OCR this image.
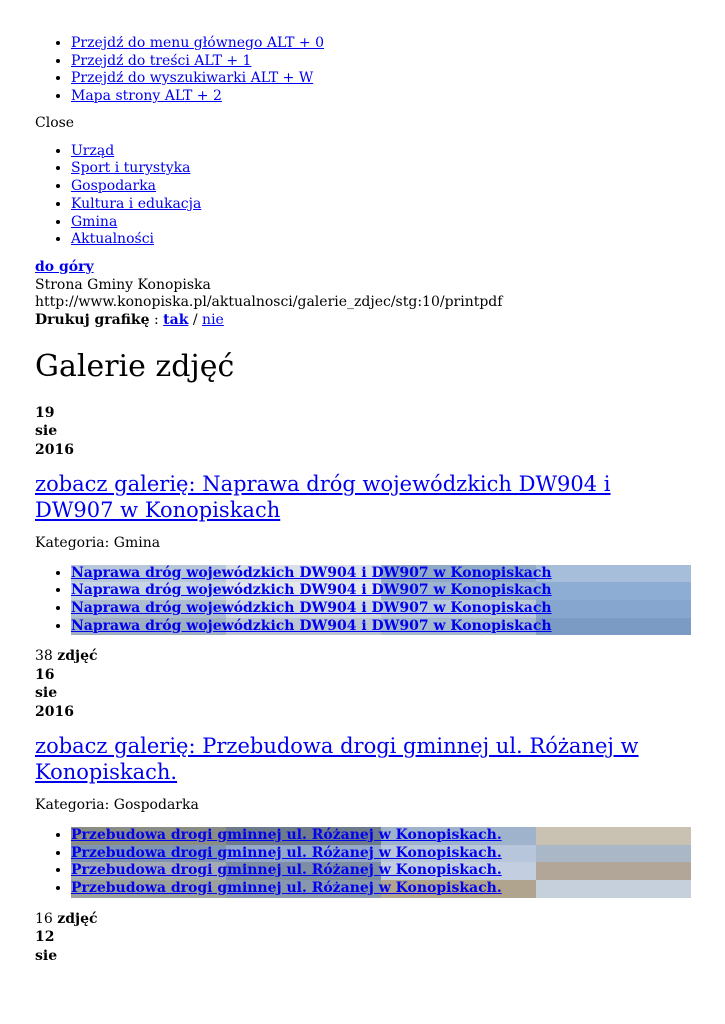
• Przejdź do menu głównego ALT + 0
• Przejdź do treści ALT + 1
• Przejdź do wyszukiwarki ALT + W
• Mapa strony ALT + 2
Close
• Urząd
• Sport i turystyka
• Gospodarka
• Kultura i edukacja
• Gmina
• Aktualności
do góry
Strona Gminy Konopiska
http://www.konopiska.pl/aktualnosci/galerie_zdjec/stg:10/printpdf
Drukuj grafikę : tak / nie
Galerie zdjęć
19
sie
2016
zobacz galerię: Naprawa dróg wojewódzkich DW904 i DW907 w Konopiskach
Kategoria: Gmina
• Naprawa dróg wojewódzkich DW904 i DW907 w Konopiskach
• Naprawa dróg wojewódzkich DW904 i DW907 w Konopiskach
• Naprawa dróg wojewódzkich DW904 i DW907 w Konopiskach
• Naprawa dróg wojewódzkich DW904 i DW907 w Konopiskach
38 zdjęć
16
sie
2016
zobacz galerię: Przebudowa drogi gminnej ul. Różanej w Konopiskach.
Kategoria: Gospodarka
• Przebudowa drogi gminnej ul. Różanej w Konopiskach.
• Przebudowa drogi gminnej ul. Różanej w Konopiskach.
• Przebudowa drogi gminnej ul. Różanej w Konopiskach.
• Przebudowa drogi gminnej ul. Różanej w Konopiskach.
16 zdjęć
12
sie
